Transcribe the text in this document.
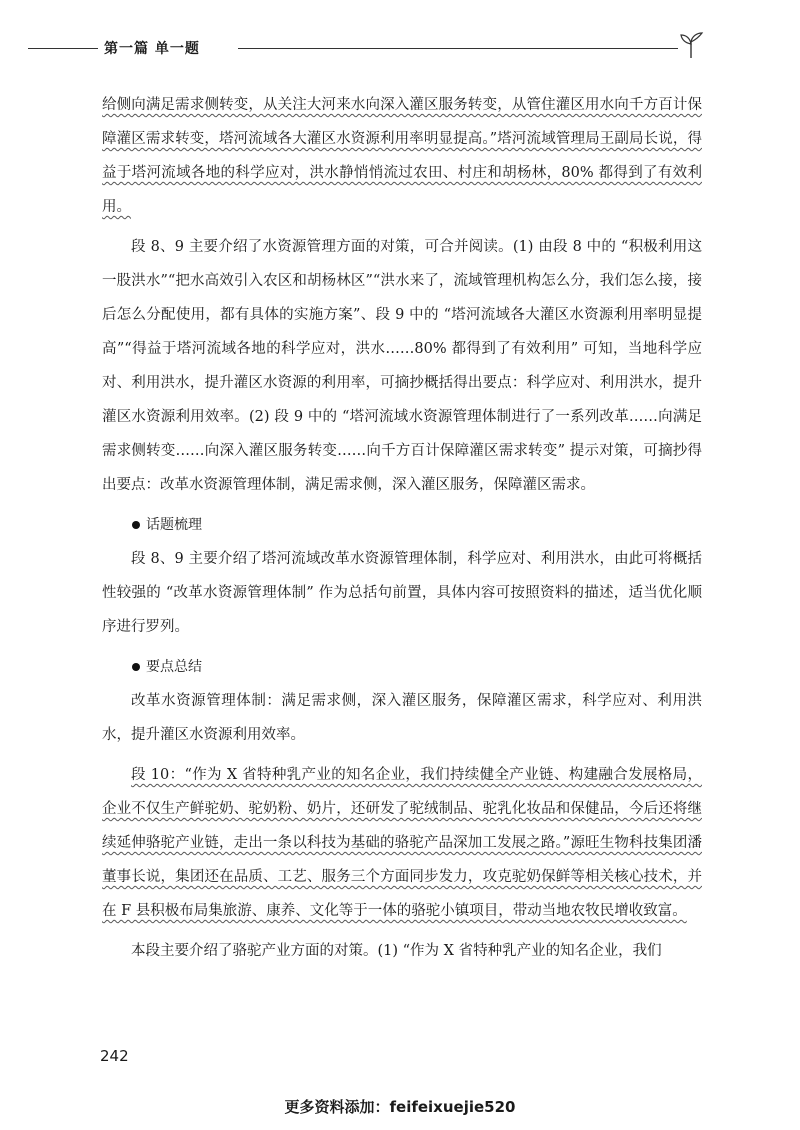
第一篇 单一题

给侧向满足需求侧转变，从关注大河来水向深入灌区服务转变，从管住灌区用水向千方百计保障灌区需求转变，塔河流域各大灌区水资源利用率明显提高。”塔河流域管理局王副局长说，得益于塔河流域各地的科学应对，洪水静悄悄流过农田、村庄和胡杨林，80% 都得到了有效利用。

段 8、9 主要介绍了水资源管理方面的对策，可合并阅读。(1) 由段 8 中的 “积极利用这一股洪水”“把水高效引入农区和胡杨林区”“洪水来了，流域管理机构怎么分，我们怎么接，接后怎么分配使用，都有具体的实施方案”、段 9 中的 “塔河流域各大灌区水资源利用率明显提高”“得益于塔河流域各地的科学应对，洪水……80% 都得到了有效利用” 可知，当地科学应对、利用洪水，提升灌区水资源的利用率，可摘抄概括得出要点：科学应对、利用洪水，提升灌区水资源利用效率。(2) 段 9 中的 “塔河流域水资源管理体制进行了一系列改革……向满足需求侧转变……向深入灌区服务转变……向千方百计保障灌区需求转变” 提示对策，可摘抄得出要点：改革水资源管理体制，满足需求侧，深入灌区服务，保障灌区需求。

话题梳理

段 8、9 主要介绍了塔河流域改革水资源管理体制，科学应对、利用洪水，由此可将概括性较强的 “改革水资源管理体制” 作为总括句前置，具体内容可按照资料的描述，适当优化顺序进行罗列。

要点总结

改革水资源管理体制：满足需求侧，深入灌区服务，保障灌区需求，科学应对、利用洪水，提升灌区水资源利用效率。

段 10：“作为 X 省特种乳产业的知名企业，我们持续健全产业链、构建融合发展格局，企业不仅生产鲜驼奶、驼奶粉、奶片，还研发了驼绒制品、驼乳化妆品和保健品，今后还将继续延伸骆驼产业链，走出一条以科技为基础的骆驼产品深加工发展之路。”源旺生物科技集团潘董事长说，集团还在品质、工艺、服务三个方面同步发力，攻克驼奶保鲜等相关核心技术，并在 F 县积极布局集旅游、康养、文化等于一体的骆驼小镇项目，带动当地农牧民增收致富。

本段主要介绍了骆驼产业方面的对策。(1) “作为 X 省特种乳产业的知名企业，我们

242
更多资料添加：feifeixuejie520
